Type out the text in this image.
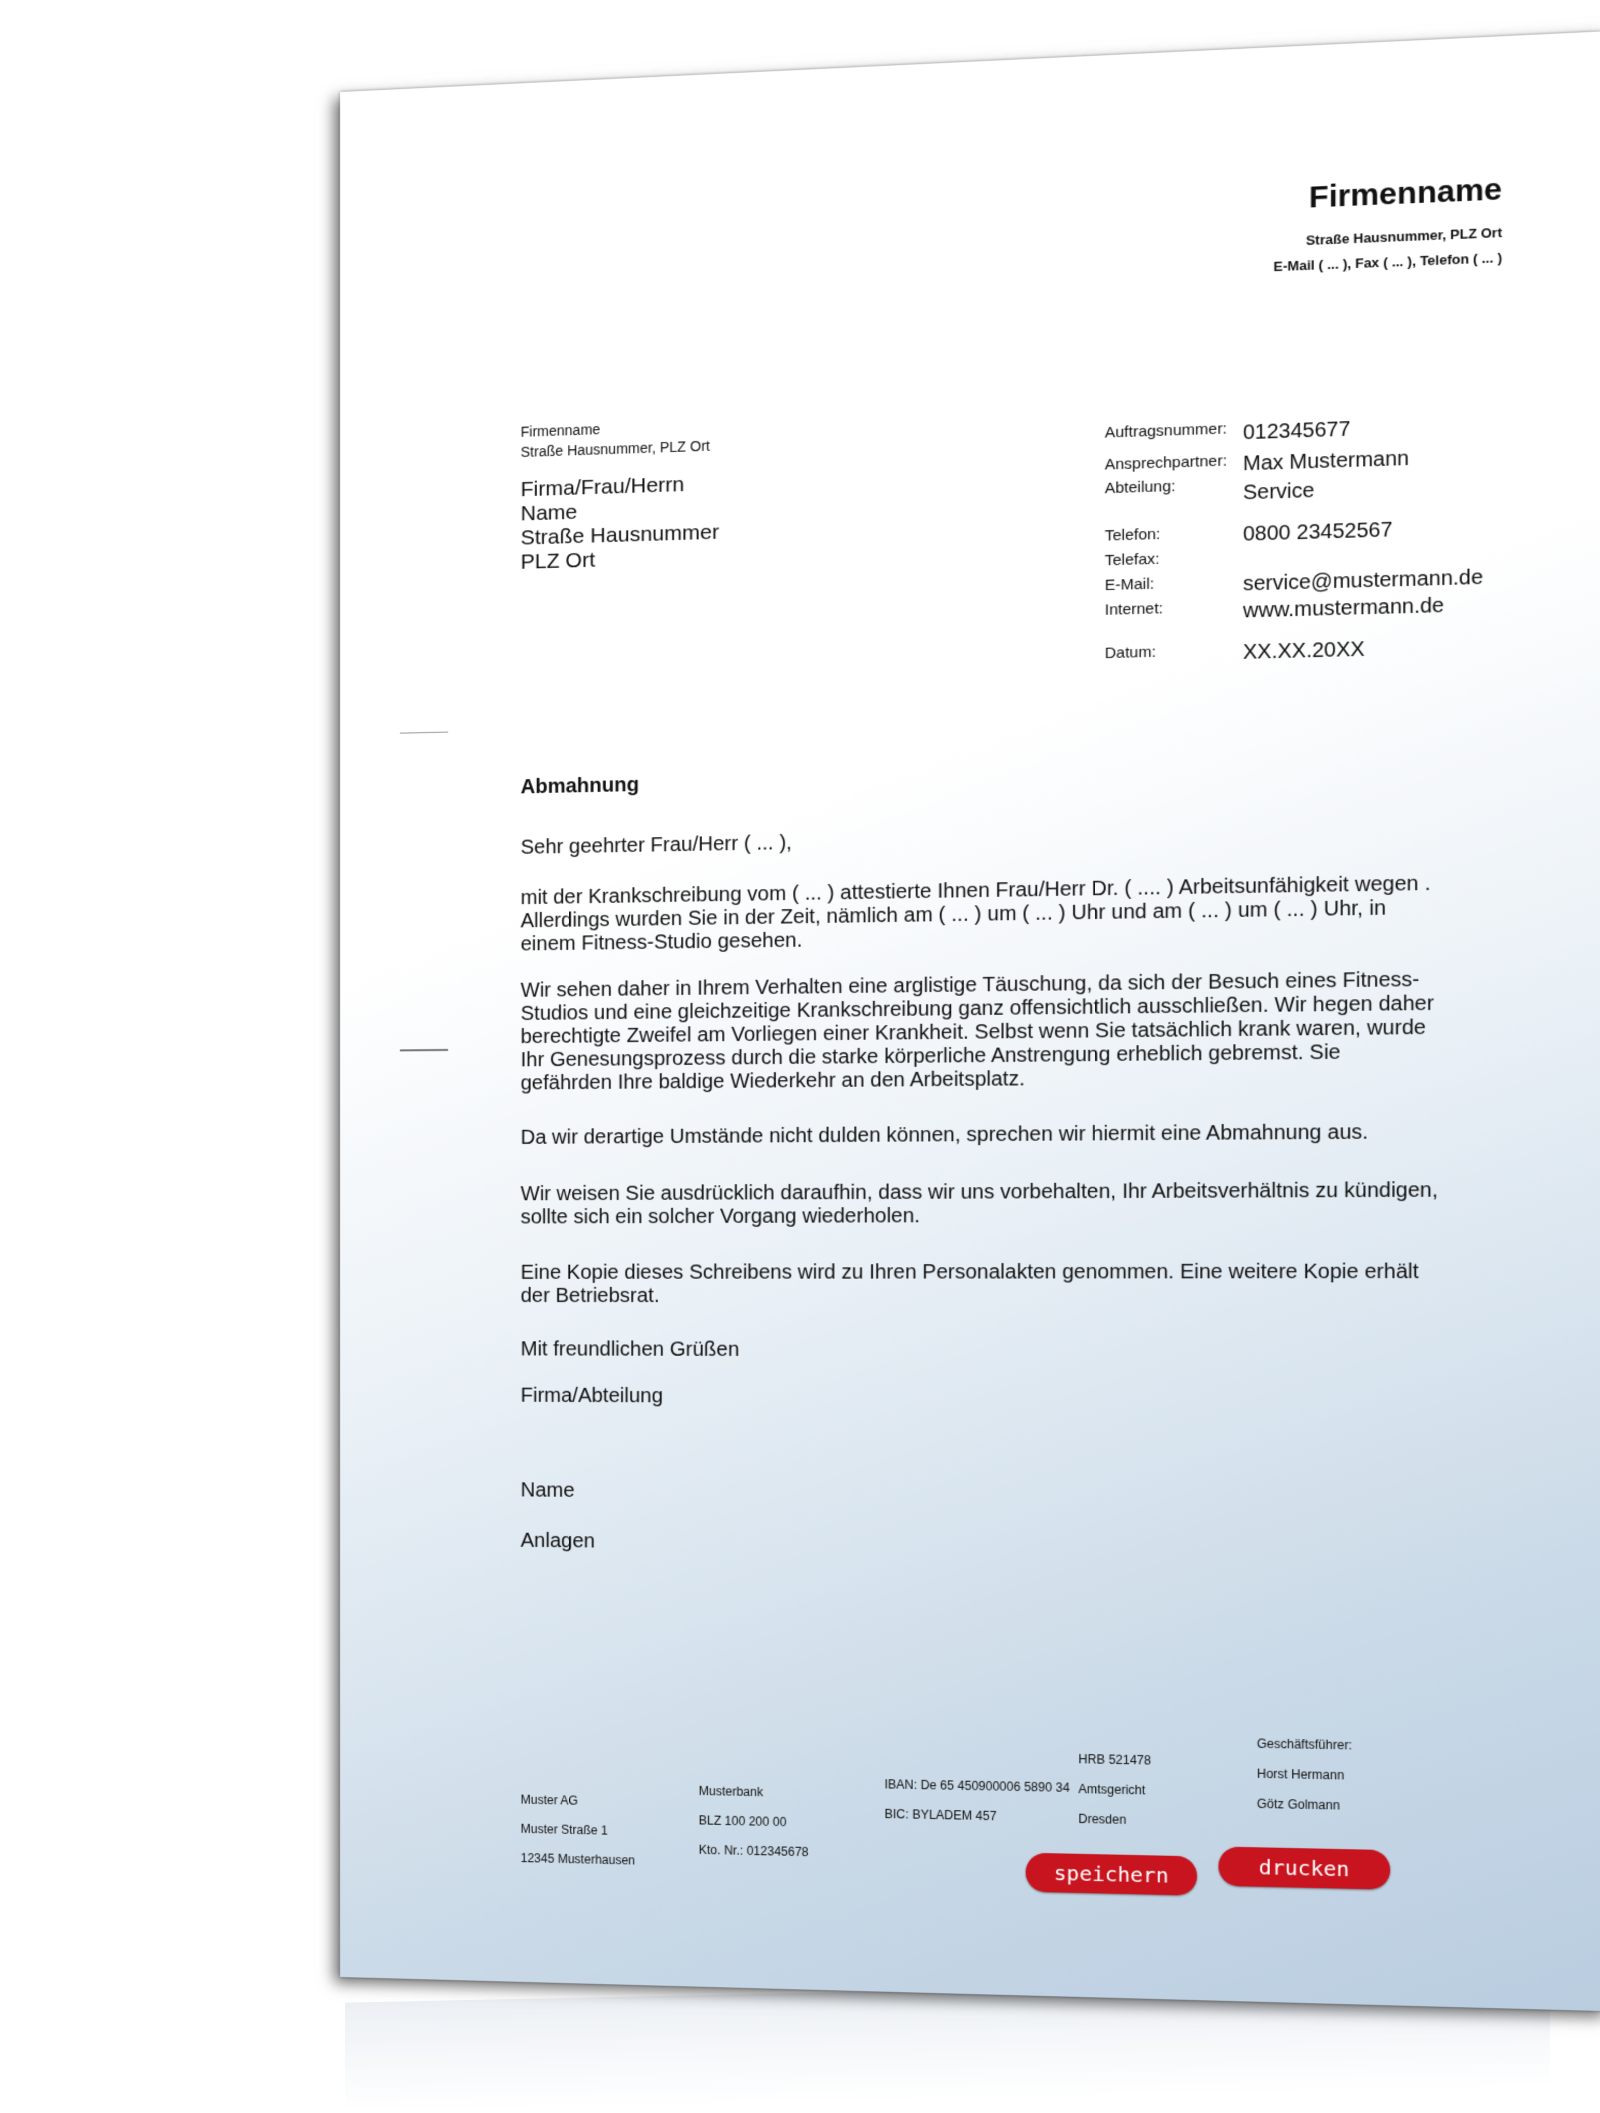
Firmenname
Straße Hausnummer, PLZ Ort
E-Mail ( ... ), Fax ( ... ), Telefon ( ... )
Firmenname
Straße Hausnummer, PLZ Ort
Firma/Frau/Herrn
Name
Straße Hausnummer
PLZ Ort
Auftragsnummer: 012345677
Ansprechpartner: Max Mustermann
Abteilung:	Service
Telefon:	0800 23452567
Telefax:
E-Mail:	service@mustermann.de
Internet:	www.mustermann.de
Datum:	XX.XX.20XX
Abmahnung
Sehr geehrter Frau/Herr ( ... ),
mit der Krankschreibung vom ( ... ) attestierte Ihnen Frau/Herr Dr. ( .... ) Arbeitsunfähigkeit wegen . Allerdings wurden Sie in der Zeit, nämlich am ( ... ) um ( ... ) Uhr und am ( ... ) um ( ... ) Uhr, in einem Fitness-Studio gesehen.
Wir sehen daher in Ihrem Verhalten eine arglistige Täuschung, da sich der Besuch eines Fitness-Studios und eine gleichzeitige Krankschreibung ganz offensichtlich ausschließen. Wir hegen daher berechtigte Zweifel am Vorliegen einer Krankheit. Selbst wenn Sie tatsächlich krank waren, wurde Ihr Genesungsprozess durch die starke körperliche Anstrengung erheblich gebremst. Sie gefährden Ihre baldige Wiederkehr an den Arbeitsplatz.
Da wir derartige Umstände nicht dulden können, sprechen wir hiermit eine Abmahnung aus.
Wir weisen Sie ausdrücklich daraufhin, dass wir uns vorbehalten, Ihr Arbeitsverhältnis zu kündigen, sollte sich ein solcher Vorgang wiederholen.
Eine Kopie dieses Schreibens wird zu Ihren Personalakten genommen. Eine weitere Kopie erhält der Betriebsrat.
Mit freundlichen Grüßen
Firma/Abteilung
Name
Anlagen
Muster AG
Muster Straße 1
12345 Musterhausen
Musterbank
BLZ 100 200 00
Kto. Nr.: 012345678
IBAN: De 65 450900006 5890 34
BIC: BYLADEM 457
HRB 521478
Amtsgericht
Dresden
Geschäftsführer:
Horst Hermann
Götz Golmann
speichern	drucken
